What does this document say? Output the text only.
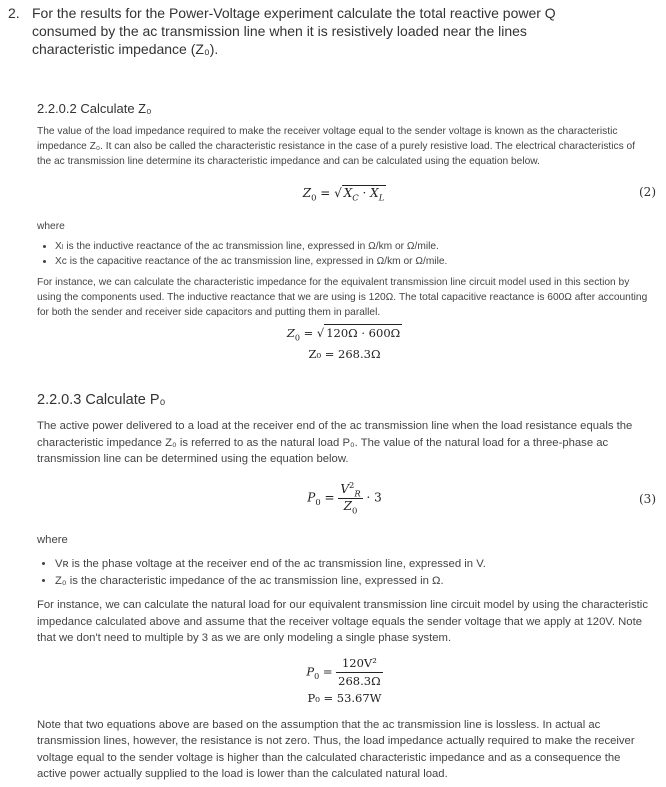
2. For the results for the Power-Voltage experiment calculate the total reactive power Q consumed by the ac transmission line when it is resistively loaded near the lines characteristic impedance (Z₀).
2.2.0.2 Calculate Z₀

The value of the load impedance required to make the receiver voltage equal to the sender voltage is known as the characteristic impedance Z₀. It can also be called the characteristic resistance in the case of a purely resistive load. The electrical characteristics of the ac transmission line determine its characteristic impedance and can be calculated using the equation below.

$Z_0$ = √ $X_C \cdot X_L$	(2)

where

• Xₗ is the inductive reactance of the ac transmission line, expressed in Ω/km or Ω/mile.
• Xc is the capacitive reactance of the ac transmission line, expressed in Ω/km or Ω/mile.

For instance, we can calculate the characteristic impedance for the equivalent transmission line circuit model used in this section by using the components used. The inductive reactance that we are using is 120Ω. The total capacitive reactance is 600Ω after accounting for both the sender and receiver side capacitors and putting them in parallel.

$Z_0$ = √ 120Ω · 600Ω
Z₀ = 268.3Ω
2.2.0.3 Calculate P₀

The active power delivered to a load at the receiver end of the ac transmission line when the load resistance equals the characteristic impedance Z₀ is referred to as the natural load P₀. The value of the natural load for a three-phase ac transmission line can be determined using the equation below.

$P_0 = \frac{V^2_R}{Z_0} \cdot 3$	(3)

where

• Vʀ is the phase voltage at the receiver end of the ac transmission line, expressed in V.
• Z₀ is the characteristic impedance of the ac transmission line, expressed in Ω.

For instance, we can calculate the natural load for our equivalent transmission line circuit model by using the characteristic impedance calculated above and assume that the receiver voltage equals the sender voltage that we apply at 120V. Note that we don't need to multiple by 3 as we are only modeling a single phase system.

$P_0 = \frac{\text{120V²}}{268.3\Omega}$
P₀ = 53.67W

Note that two equations above are based on the assumption that the ac transmission line is lossless. In actual ac transmission lines, however, the resistance is not zero. Thus, the load impedance actually required to make the receiver voltage equal to the sender voltage is higher than the calculated characteristic impedance and as a consequence the active power actually supplied to the load is lower than the calculated natural load.
